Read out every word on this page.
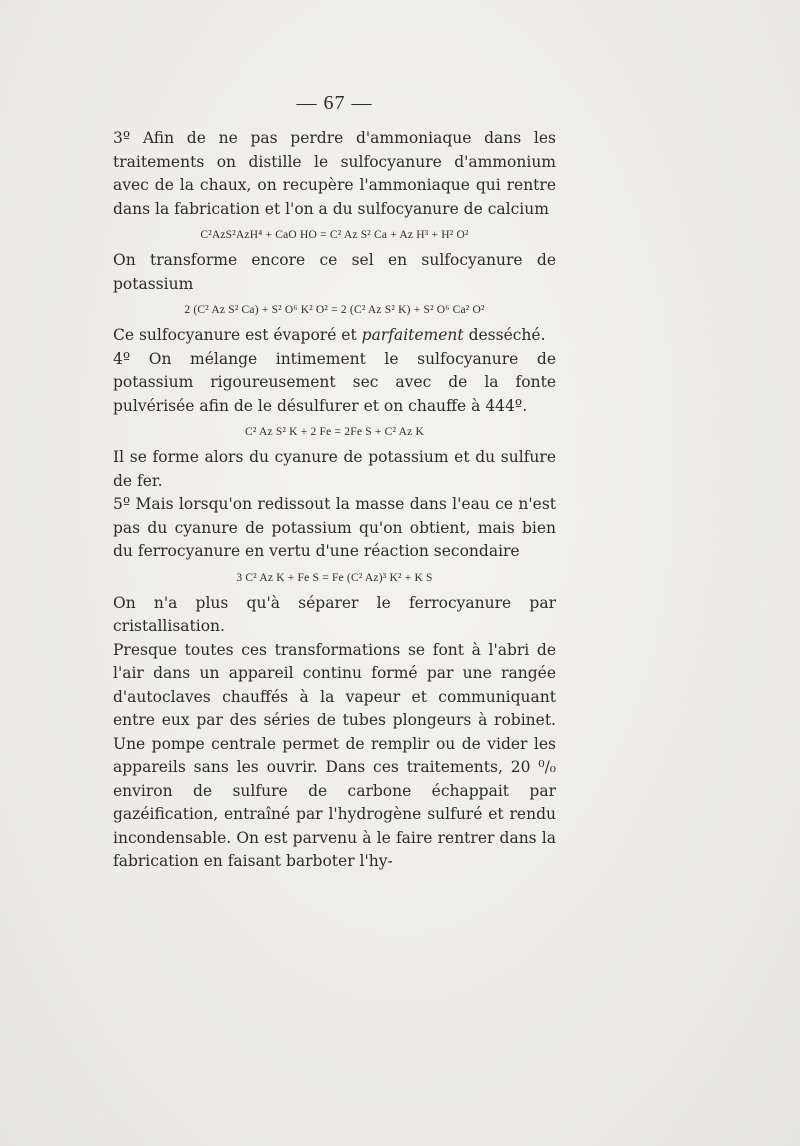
— 67 —

3º Afin de ne pas perdre d'ammoniaque dans les traitements on distille le sulfocyanure d'ammonium avec de la chaux, on recupère l'ammoniaque qui rentre dans la fabrication et l'on a du sulfocyanure de calcium

C²AzS²AzH⁴ + CaO HO = C² Az S² Ca + Az H³ + H² O²

On transforme encore ce sel en sulfocyanure de potassium

2 (C² Az S² Ca) + S² O⁶ K² O² = 2 (C² Az S² K) + S² O⁶ Ca² O²

Ce sulfocyanure est évaporé et parfaitement desséché.

4º On mélange intimement le sulfocyanure de potassium rigoureusement sec avec de la fonte pulvérisée afin de le désulfurer et on chauffe à 444º.

C² Az S² K + 2 Fe = 2Fe S + C² Az K

Il se forme alors du cyanure de potassium et du sulfure de fer.

5º Mais lorsqu'on redissout la masse dans l'eau ce n'est pas du cyanure de potassium qu'on obtient, mais bien du ferrocyanure en vertu d'une réaction secondaire

3 C² Az K + Fe S = Fe (C² Az)³ K² + K S

On n'a plus qu'à séparer le ferrocyanure par cristallisation.

Presque toutes ces transformations se font à l'abri de l'air dans un appareil continu formé par une rangée d'autoclaves chauffés à la vapeur et communiquant entre eux par des séries de tubes plongeurs à robinet. Une pompe centrale permet de remplir ou de vider les appareils sans les ouvrir. Dans ces traitements, 20 ⁰/₀ environ de sulfure de carbone échappait par gazéification, entraîné par l'hydrogène sulfuré et rendu incondensable. On est parvenu à le faire rentrer dans la fabrication en faisant barboter l'hy-
